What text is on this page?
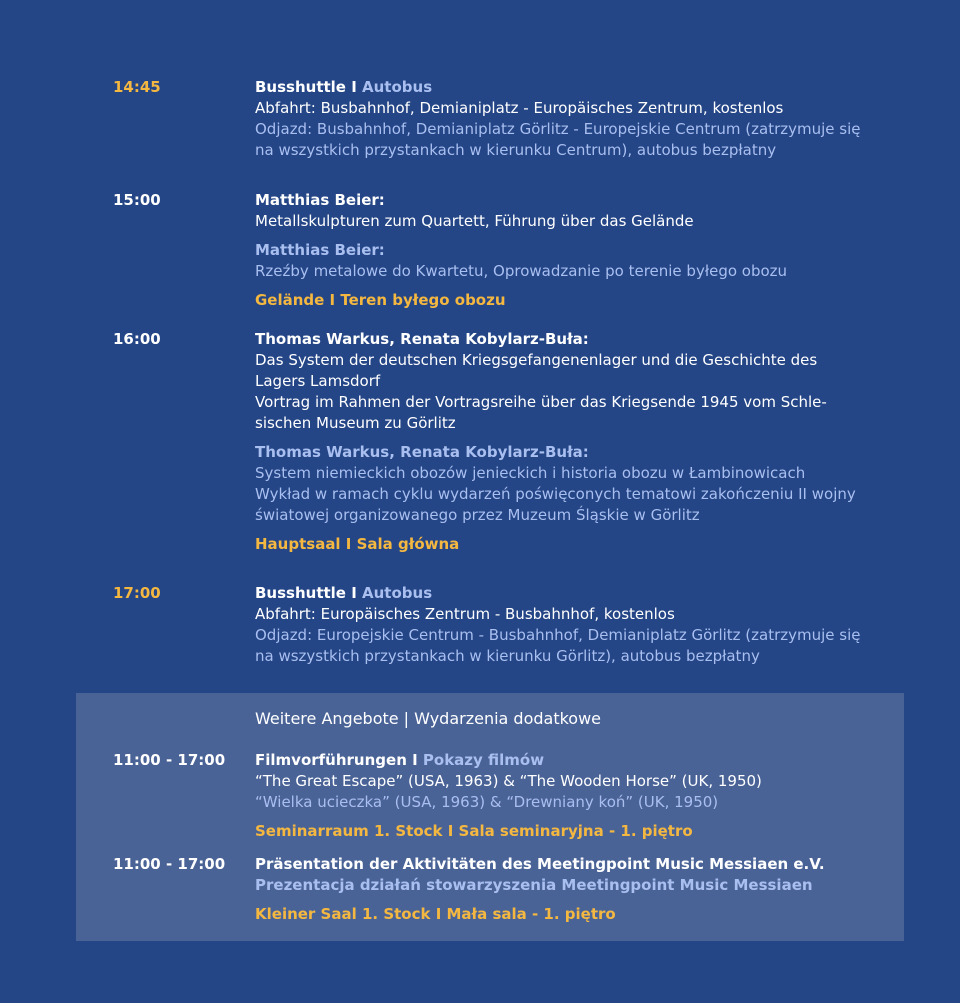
14:45	Busshuttle I Autobus
Abfahrt: Busbahnhof, Demianiplatz - Europäisches Zentrum, kostenlos
Odjazd: Busbahnhof, Demianiplatz Görlitz - Europejskie Centrum (zatrzymuje się
na wszystkich przystankach w kierunku Centrum), autobus bezpłatny
15:00	Matthias Beier:
Metallskulpturen zum Quartett, Führung über das Gelände
Matthias Beier:
Rzeźby metalowe do Kwartetu, Oprowadzanie po terenie byłego obozu
Gelände I Teren byłego obozu
16:00	Thomas Warkus, Renata Kobylarz-Buła:
Das System der deutschen Kriegsgefangenenlager und die Geschichte des
Lagers Lamsdorf
Vortrag im Rahmen der Vortragsreihe über das Kriegsende 1945 vom Schle-
sischen Museum zu Görlitz
Thomas Warkus, Renata Kobylarz-Buła:
System niemieckich obozów jenieckich i historia obozu w Łambinowicach
Wykład w ramach cyklu wydarzeń poświęconych tematowi zakończeniu II wojny
światowej organizowanego przez Muzeum Śląskie w Görlitz
Hauptsaal I Sala główna
17:00	Busshuttle I Autobus
Abfahrt: Europäisches Zentrum - Busbahnhof, kostenlos
Odjazd: Europejskie Centrum - Busbahnhof, Demianiplatz Görlitz (zatrzymuje się
na wszystkich przystankach w kierunku Görlitz), autobus bezpłatny
Weitere Angebote | Wydarzenia dodatkowe
11:00 - 17:00 Filmvorführungen I Pokazy filmów
“The Great Escape” (USA, 1963) & “The Wooden Horse” (UK, 1950)
“Wielka ucieczka” (USA, 1963) & “Drewniany koń” (UK, 1950)
Seminarraum 1. Stock I Sala seminaryjna - 1. piętro
11:00 - 17:00 Präsentation der Aktivitäten des Meetingpoint Music Messiaen e.V.
Prezentacja działań stowarzyszenia Meetingpoint Music Messiaen
Kleiner Saal 1. Stock I Mała sala - 1. piętro
